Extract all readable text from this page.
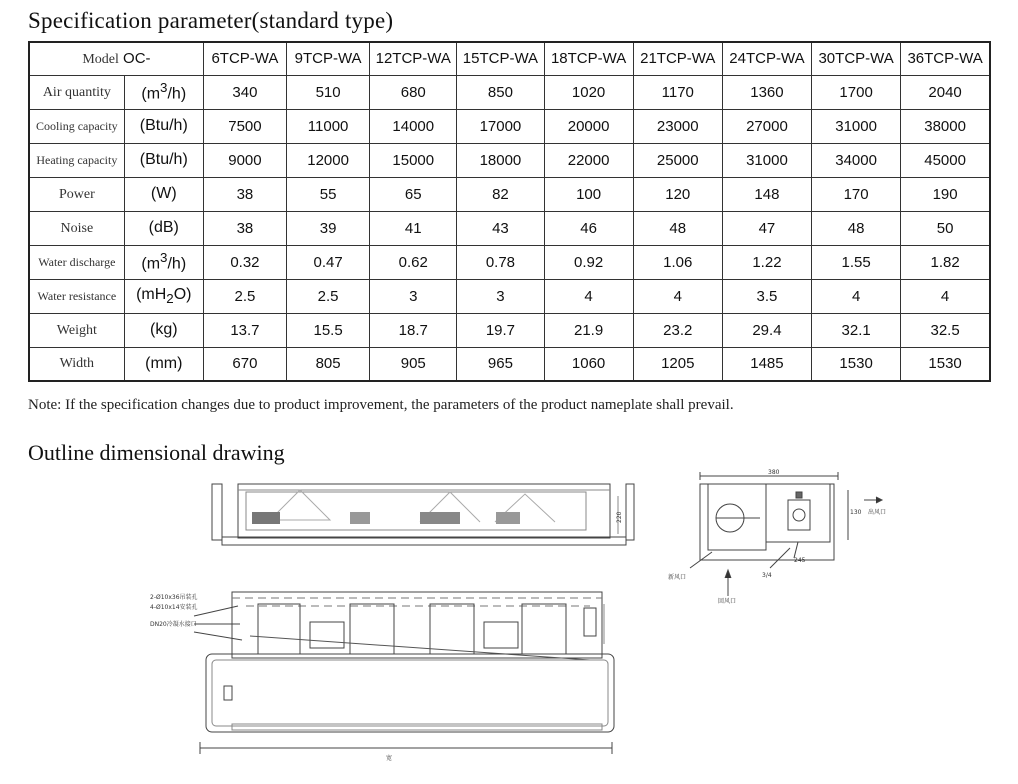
Specification parameter(standard type)
Model OC-		6TCP-WA	9TCP-WA	12TCP-WA	15TCP-WA	18TCP-WA	21TCP-WA	24TCP-WA	30TCP-WA	36TCP-WA
Air quantity	$(m^3/h)$	340	510	680	850	1020	1170	1360	1700	2040
Cooling capacity	(Btu/h)	7500	11000	14000	17000	20000	23000	27000	31000	38000
Heating capacity	(Btu/h)	9000	12000	15000	18000	22000	25000	31000	34000	45000
Power	(W)	38	55	65	82	100	120	148	170	190
Noise	(dB)	38	39	41	43	46	48	47	48	50
Water discharge	$(m^3/h)$	0.32	0.47	0.62	0.78	0.92	1.06	1.22	1.55	1.82
Water resistance	$(mH_2O)$	2.5	2.5	3	3	4	4	3.5	4	4
Weight	(kg)	13.7	15.5	18.7	19.7	21.9	23.2	29.4	32.1	32.5
Width	(mm)	670	805	905	965	1060	1205	1485	1530	1530
Note: If the specification changes due to product improvement, the parameters of the product nameplate shall prevail.
Outline dimensional drawing
220
380
130 出风口
新风口
回风口
3/4
245
2-Ø10x36吊装孔
4-Ø10x14安装孔
DN20冷凝水接口
宽
